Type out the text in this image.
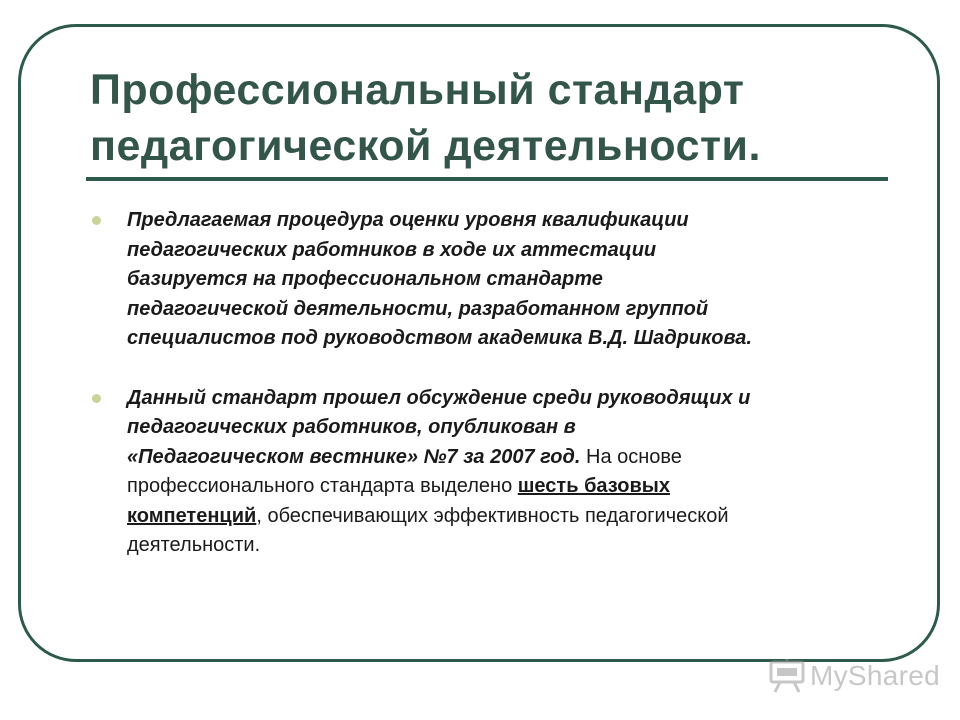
Профессиональный стандарт
педагогической деятельности.
Предлагаемая процедура оценки уровня квалификации
педагогических работников в ходе их аттестации
базируется на профессиональном стандарте
педагогической деятельности, разработанном группой
специалистов под руководством академика В.Д. Шадрикова.
Данный стандарт прошел обсуждение среди руководящих и
педагогических работников, опубликован в
«Педагогическом вестнике» №7 за 2007 год. На основе
профессионального стандарта выделено шесть базовых
компетенций, обеспечивающих эффективность педагогической
деятельности.
MyShared
